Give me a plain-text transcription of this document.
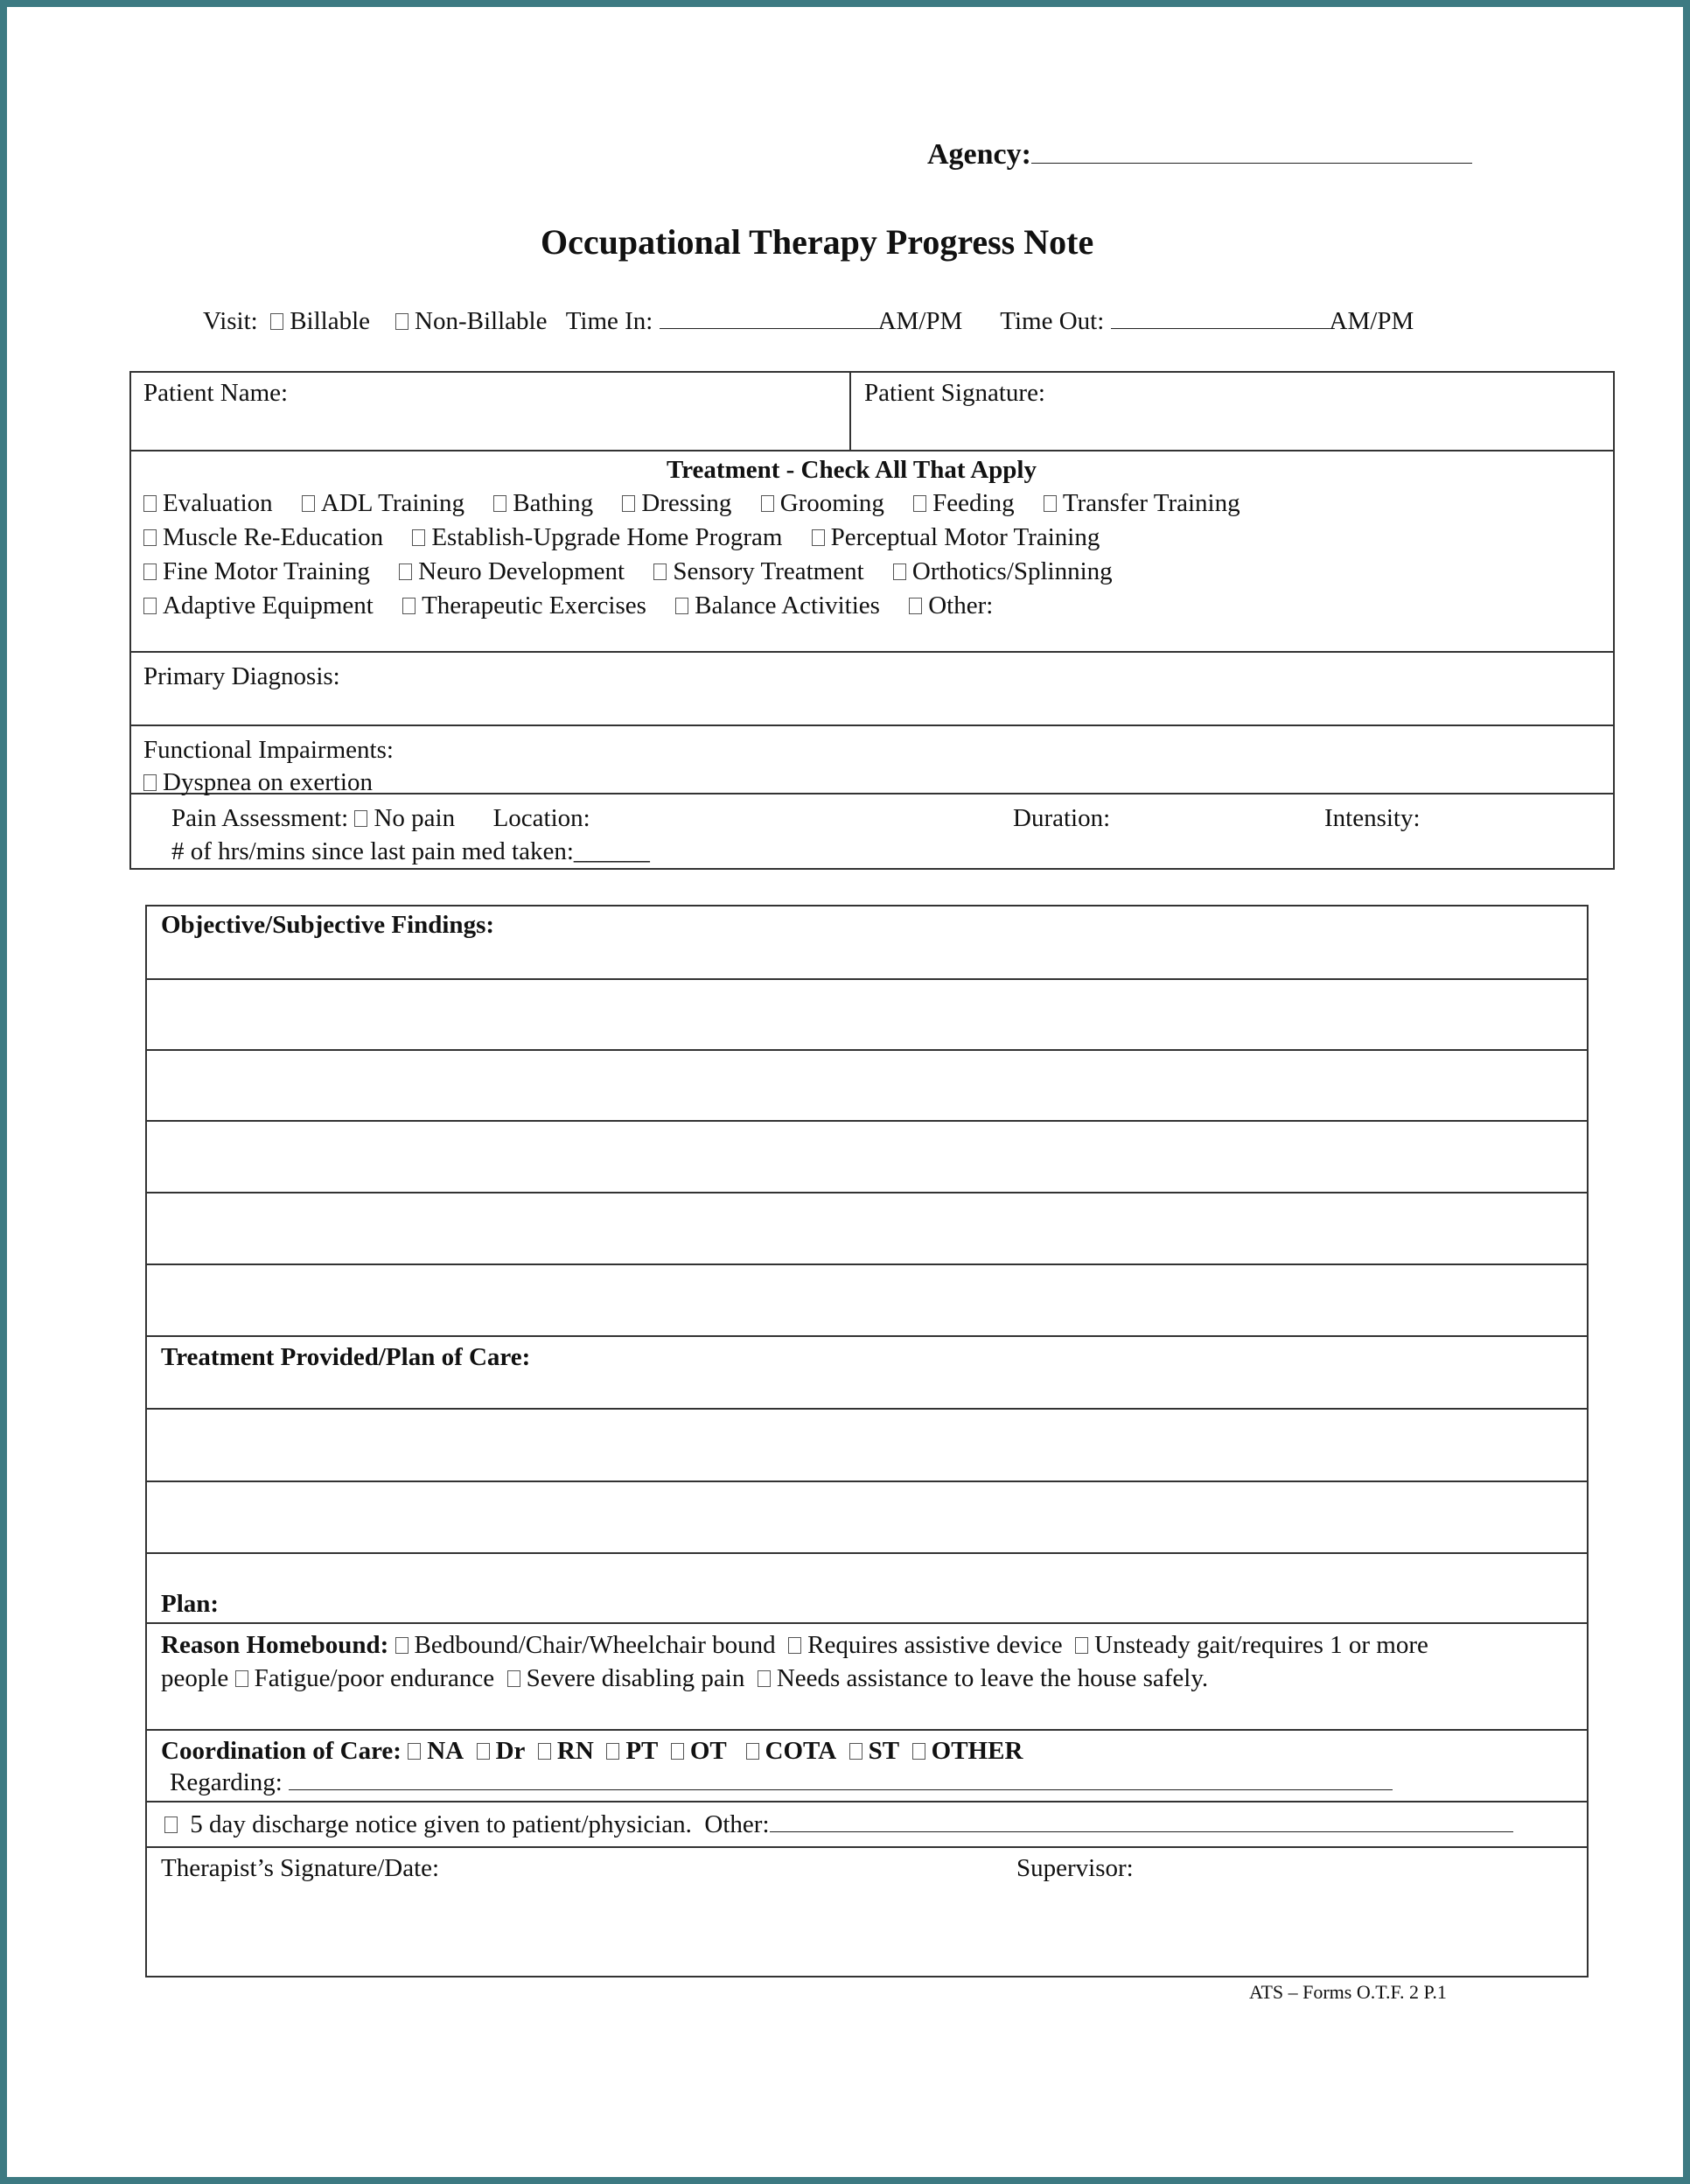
Agency:
Occupational Therapy Progress Note
Visit: Billable Non-Billable Time In:	AM/PM Time Out:	AM/PM
Patient Name:	Patient Signature:
Treatment - Check All That Apply
Evaluation ADL Training Bathing Dressing Grooming Feeding Transfer Training
Muscle Re-Education Establish-Upgrade Home Program Perceptual Motor Training
Fine Motor Training Neuro Development Sensory Treatment Orthotics/Splinning
Adaptive Equipment Therapeutic Exercises Balance Activities Other:
Primary Diagnosis:
Functional Impairments:
Dyspnea on exertion
Pain Assessment: No pain Location:	Duration:	Intensity:
# of hrs/mins since last pain med taken:______
Objective/Subjective Findings:
Treatment Provided/Plan of Care:
Plan:
Reason Homebound: Bedbound/Chair/Wheelchair bound Requires assistive device Unsteady gait/requires 1 or more
people Fatigue/poor endurance Severe disabling pain Needs assistance to leave the house safely.
Coordination of Care: NA Dr RN PT OT COTA ST OTHER
Regarding:
5 day discharge notice given to patient/physician. Other:
Therapist’s Signature/Date:	Supervisor:
ATS – Forms O.T.F. 2 P.1
